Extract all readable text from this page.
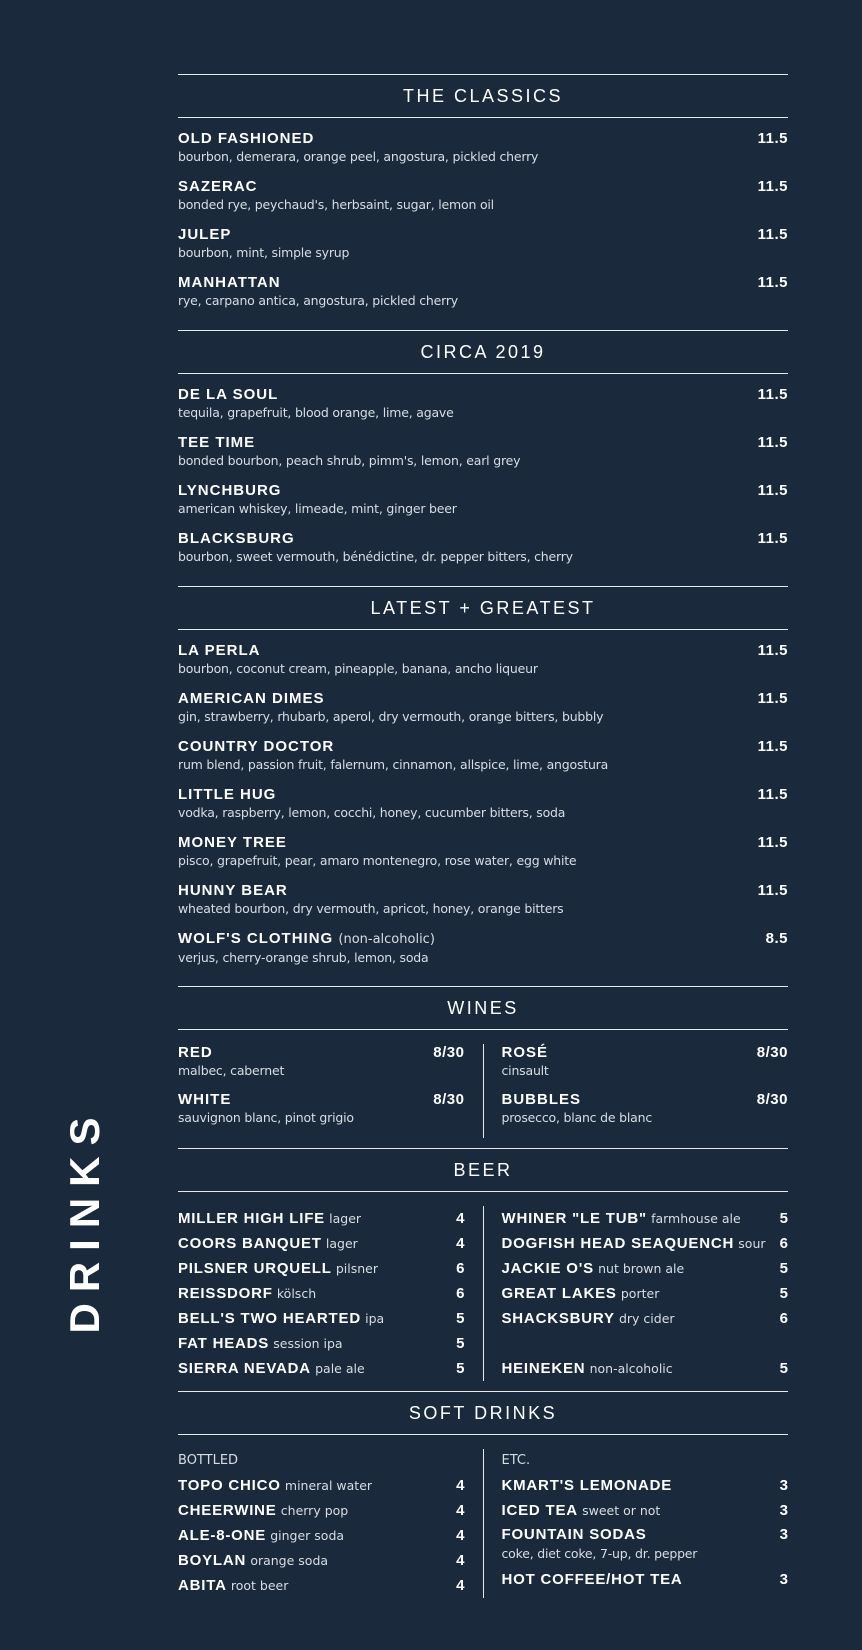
DRINKS
THE CLASSICS
OLD FASHIONED
bourbon, demerara, orange peel, angostura, pickled cherry
11.5
SAZERAC
bonded rye, peychaud's, herbsaint, sugar, lemon oil
11.5
JULEP
bourbon, mint, simple syrup
11.5
MANHATTAN
rye, carpano antica, angostura, pickled cherry
11.5
CIRCA 2019
DE LA SOUL
tequila, grapefruit, blood orange, lime, agave
11.5
TEE TIME
bonded bourbon, peach shrub, pimm's, lemon, earl grey
11.5
LYNCHBURG
american whiskey, limeade, mint, ginger beer
11.5
BLACKSBURG
bourbon, sweet vermouth, bénédictine, dr. pepper bitters, cherry
11.5
LATEST + GREATEST
LA PERLA
bourbon, coconut cream, pineapple, banana, ancho liqueur
11.5
AMERICAN DIMES
gin, strawberry, rhubarb, aperol, dry vermouth, orange bitters, bubbly
11.5
COUNTRY DOCTOR
rum blend, passion fruit, falernum, cinnamon, allspice, lime, angostura
11.5
LITTLE HUG
vodka, raspberry, lemon, cocchi, honey, cucumber bitters, soda
11.5
MONEY TREE
pisco, grapefruit, pear, amaro montenegro, rose water, egg white
11.5
HUNNY BEAR
wheated bourbon, dry vermouth, apricot, honey, orange bitters
11.5
WOLF'S CLOTHING (non-alcoholic)
verjus, cherry-orange shrub, lemon, soda
8.5
WINES
RED
malbec, cabernet
8/30
WHITE
sauvignon blanc, pinot grigio
8/30
ROSÉ
cinsault
8/30
BUBBLES
prosecco, blanc de blanc
8/30
BEER
MILLER HIGH LIFE lager	4
COORS BANQUET lager	4
PILSNER URQUELL pilsner	6
REISSDORF kölsch	6
BELL'S TWO HEARTED ipa	5
FAT HEADS session ipa	5
SIERRA NEVADA pale ale	5
WHINER "LE TUB" farmhouse ale	5
DOGFISH HEAD SEAQUENCH sour 6
JACKIE O'S nut brown ale	5
GREAT LAKES porter	5
SHACKSBURY dry cider	6
HEINEKEN non-alcoholic	5
SOFT DRINKS
BOTTLED
TOPO CHICO mineral water	4
CHEERWINE cherry pop	4
ALE-8-ONE ginger soda	4
BOYLAN orange soda	4
ABITA root beer	4
ETC.
KMART'S LEMONADE	3
ICED TEA sweet or not	3
FOUNTAIN SODAS	3
coke, diet coke, 7-up, dr. pepper
HOT COFFEE/HOT TEA	3
